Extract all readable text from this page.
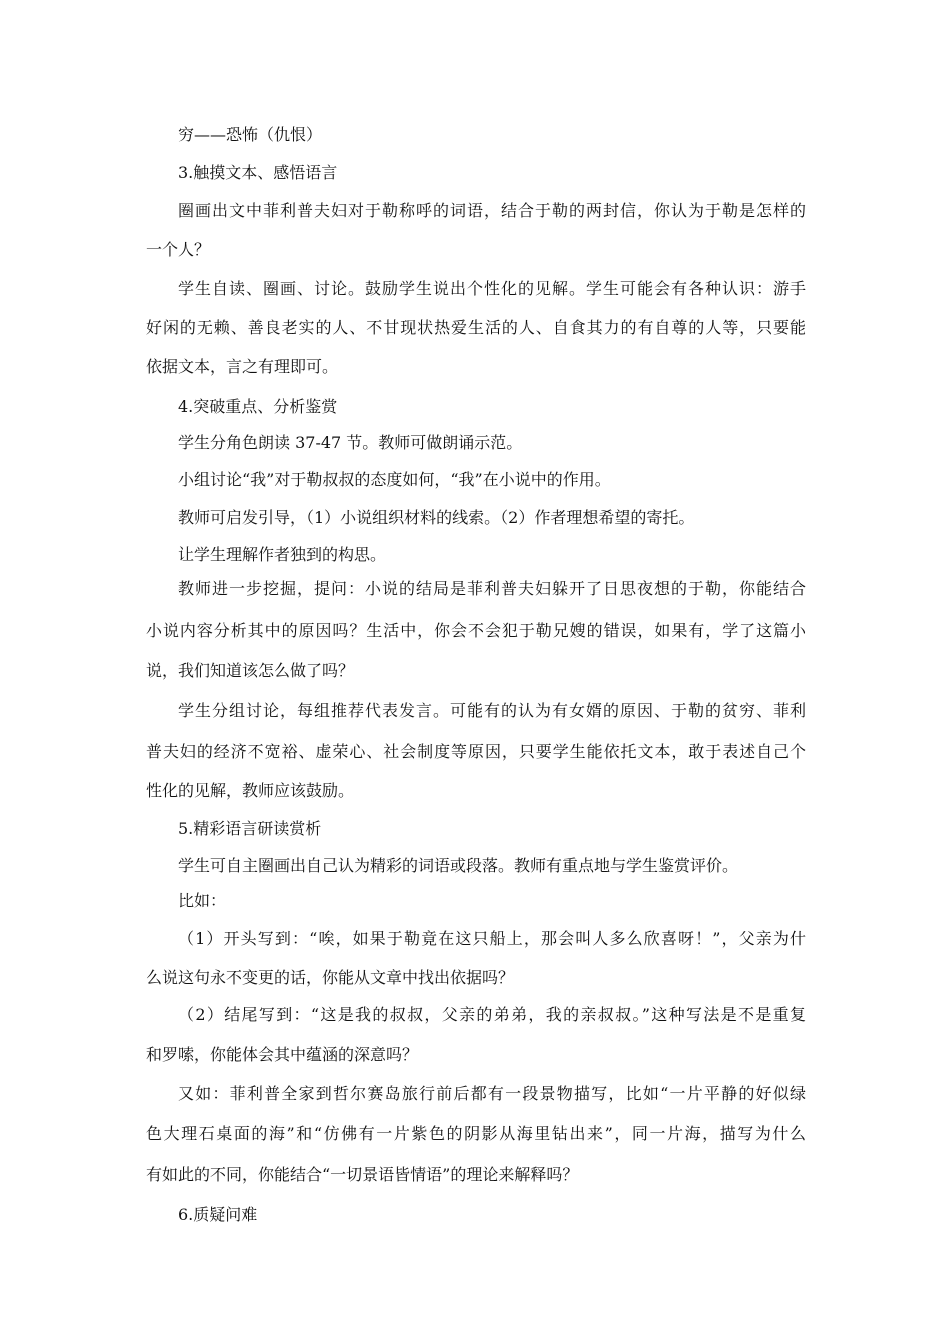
穷——恐怖（仇恨）

3.触摸文本、感悟语言

圈画出文中菲利普夫妇对于勒称呼的词语，结合于勒的两封信，你认为于勒是怎样的

一个人？

学生自读、圈画、讨论。鼓励学生说出个性化的见解。学生可能会有各种认识：游手

好闲的无赖、善良老实的人、不甘现状热爱生活的人、自食其力的有自尊的人等，只要能

依据文本，言之有理即可。

4.突破重点、分析鉴赏

学生分角色朗读 37-47 节。教师可做朗诵示范。

小组讨论“我”对于勒叔叔的态度如何，“我”在小说中的作用。

教师可启发引导，（1）小说组织材料的线索。（2）作者理想希望的寄托。

让学生理解作者独到的构思。

教师进一步挖掘，提问：小说的结局是菲利普夫妇躲开了日思夜想的于勒，你能结合

小说内容分析其中的原因吗？生活中，你会不会犯于勒兄嫂的错误，如果有，学了这篇小

说，我们知道该怎么做了吗？

学生分组讨论，每组推荐代表发言。可能有的认为有女婿的原因、于勒的贫穷、菲利

普夫妇的经济不宽裕、虚荣心、社会制度等原因，只要学生能依托文本，敢于表述自己个

性化的见解，教师应该鼓励。

5.精彩语言研读赏析

学生可自主圈画出自己认为精彩的词语或段落。教师有重点地与学生鉴赏评价。

比如：

（1）开头写到：“唉，如果于勒竟在这只船上，那会叫人多么欣喜呀！”，父亲为什

么说这句永不变更的话，你能从文章中找出依据吗？

（2）结尾写到：“这是我的叔叔，父亲的弟弟，我的亲叔叔。”这种写法是不是重复

和罗嗦，你能体会其中蕴涵的深意吗？

又如：菲利普全家到哲尔赛岛旅行前后都有一段景物描写，比如“一片平静的好似绿

色大理石桌面的海”和“仿佛有一片紫色的阴影从海里钻出来”，同一片海，描写为什么

有如此的不同，你能结合“一切景语皆情语”的理论来解释吗？

6.质疑问难
